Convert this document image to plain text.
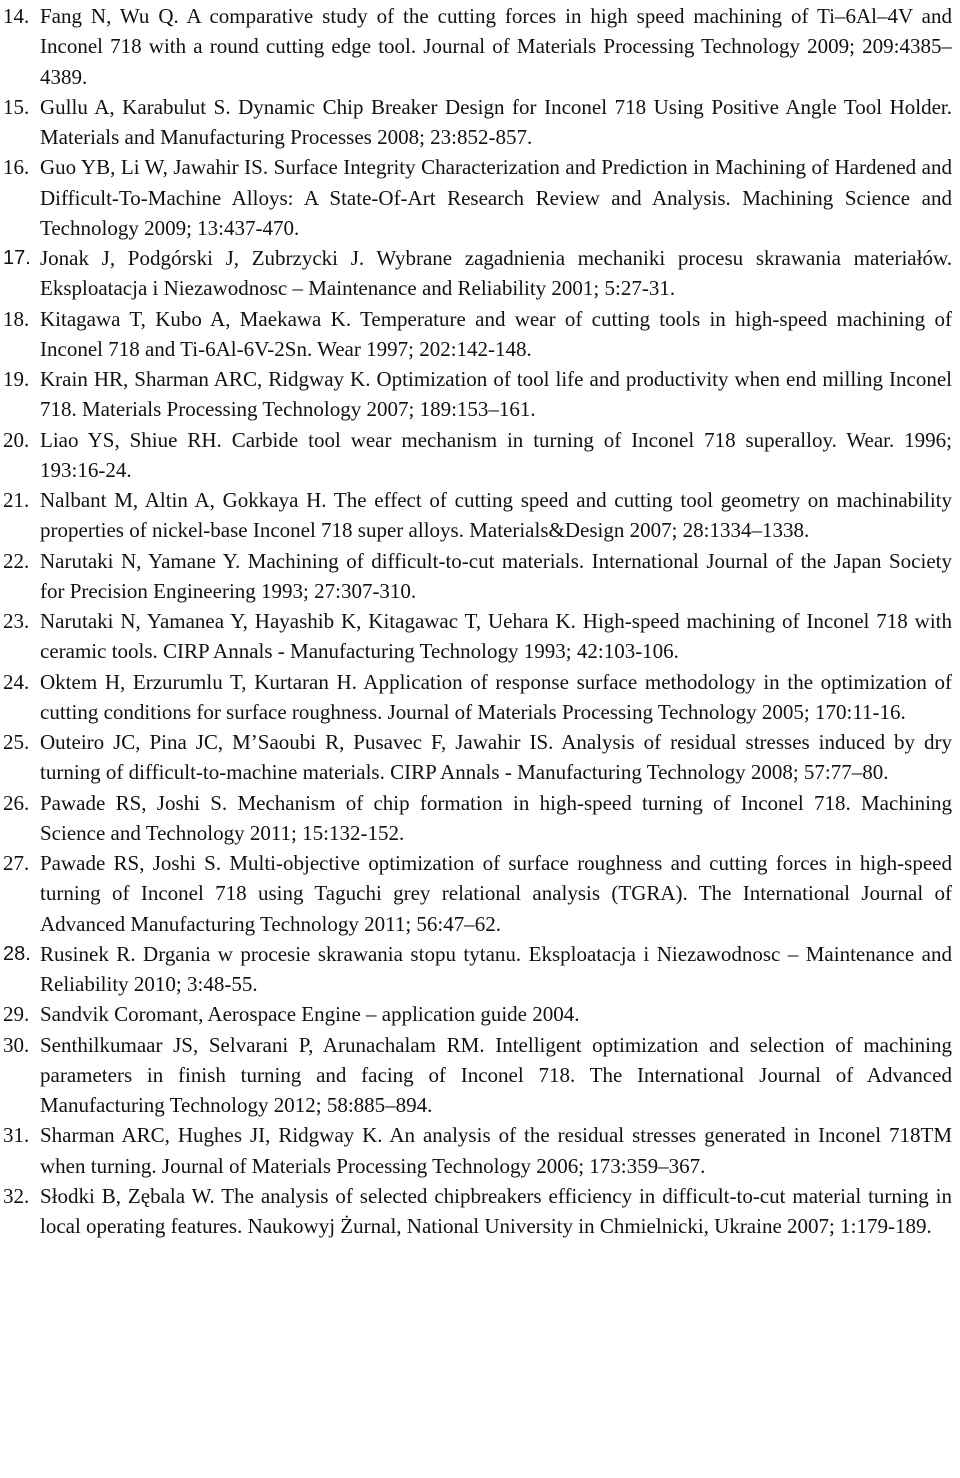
14. Fang N, Wu Q. A comparative study of the cutting forces in high speed machining of Ti–6Al–4V and Inconel 718 with a round cutting edge tool. Journal of Materials Processing Technology 2009; 209:4385–4389.
15. Gullu A, Karabulut S. Dynamic Chip Breaker Design for Inconel 718 Using Positive Angle Tool Holder. Materials and Manufacturing Processes 2008; 23:852-857.
16. Guo YB, Li W, Jawahir IS. Surface Integrity Characterization and Prediction in Machining of Hardened and Difficult-To-Machine Alloys: A State-Of-Art Research Review and Analysis. Machining Science and Technology 2009; 13:437-470.
17. Jonak J, Podgórski J, Zubrzycki J. Wybrane zagadnienia mechaniki procesu skrawania materiałów. Eksploatacja i Niezawodnosc – Maintenance and Reliability 2001; 5:27-31.
18. Kitagawa T, Kubo A, Maekawa K. Temperature and wear of cutting tools in high-speed machining of Inconel 718 and Ti-6Al-6V-2Sn. Wear 1997; 202:142-148.
19. Krain HR, Sharman ARC, Ridgway K. Optimization of tool life and productivity when end milling Inconel 718. Materials Processing Technology 2007; 189:153–161.
20. Liao YS, Shiue RH. Carbide tool wear mechanism in turning of Inconel 718 superalloy. Wear. 1996; 193:16-24.
21. Nalbant M, Altin A, Gokkaya H. The effect of cutting speed and cutting tool geometry on machinability properties of nickel-base Inconel 718 super alloys. Materials&Design 2007; 28:1334–1338.
22. Narutaki N, Yamane Y. Machining of difficult-to-cut materials. International Journal of the Japan Society for Precision Engineering 1993; 27:307-310.
23. Narutaki N, Yamanea Y, Hayashib K, Kitagawac T, Uehara K. High-speed machining of Inconel 718 with ceramic tools. CIRP Annals - Manufacturing Technology 1993; 42:103-106.
24. Oktem H, Erzurumlu T, Kurtaran H. Application of response surface methodology in the optimization of cutting conditions for surface roughness. Journal of Materials Processing Technology 2005; 170:11-16.
25. Outeiro JC, Pina JC, M’Saoubi R, Pusavec F, Jawahir IS. Analysis of residual stresses induced by dry turning of difficult-to-machine materials. CIRP Annals - Manufacturing Technology 2008; 57:77–80.
26. Pawade RS, Joshi S. Mechanism of chip formation in high-speed turning of Inconel 718. Machining Science and Technology 2011; 15:132-152.
27. Pawade RS, Joshi S. Multi-objective optimization of surface roughness and cutting forces in high-speed turning of Inconel 718 using Taguchi grey relational analysis (TGRA). The International Journal of Advanced Manufacturing Technology 2011; 56:47–62.
28. Rusinek R. Drgania w procesie skrawania stopu tytanu. Eksploatacja i Niezawodnosc – Maintenance and Reliability 2010; 3:48-55.
29. Sandvik Coromant, Aerospace Engine – application guide 2004.
30. Senthilkumaar JS, Selvarani P, Arunachalam RM. Intelligent optimization and selection of machining parameters in finish turning and facing of Inconel 718. The International Journal of Advanced Manufacturing Technology 2012; 58:885–894.
31. Sharman ARC, Hughes JI, Ridgway K. An analysis of the residual stresses generated in Inconel 718TM when turning. Journal of Materials Processing Technology 2006; 173:359–367.
32. Słodki B, Zębala W. The analysis of selected chipbreakers efficiency in difficult-to-cut material turning in local operating features. Naukowyj Żurnal, National University in Chmielnicki, Ukraine 2007; 1:179-189.
